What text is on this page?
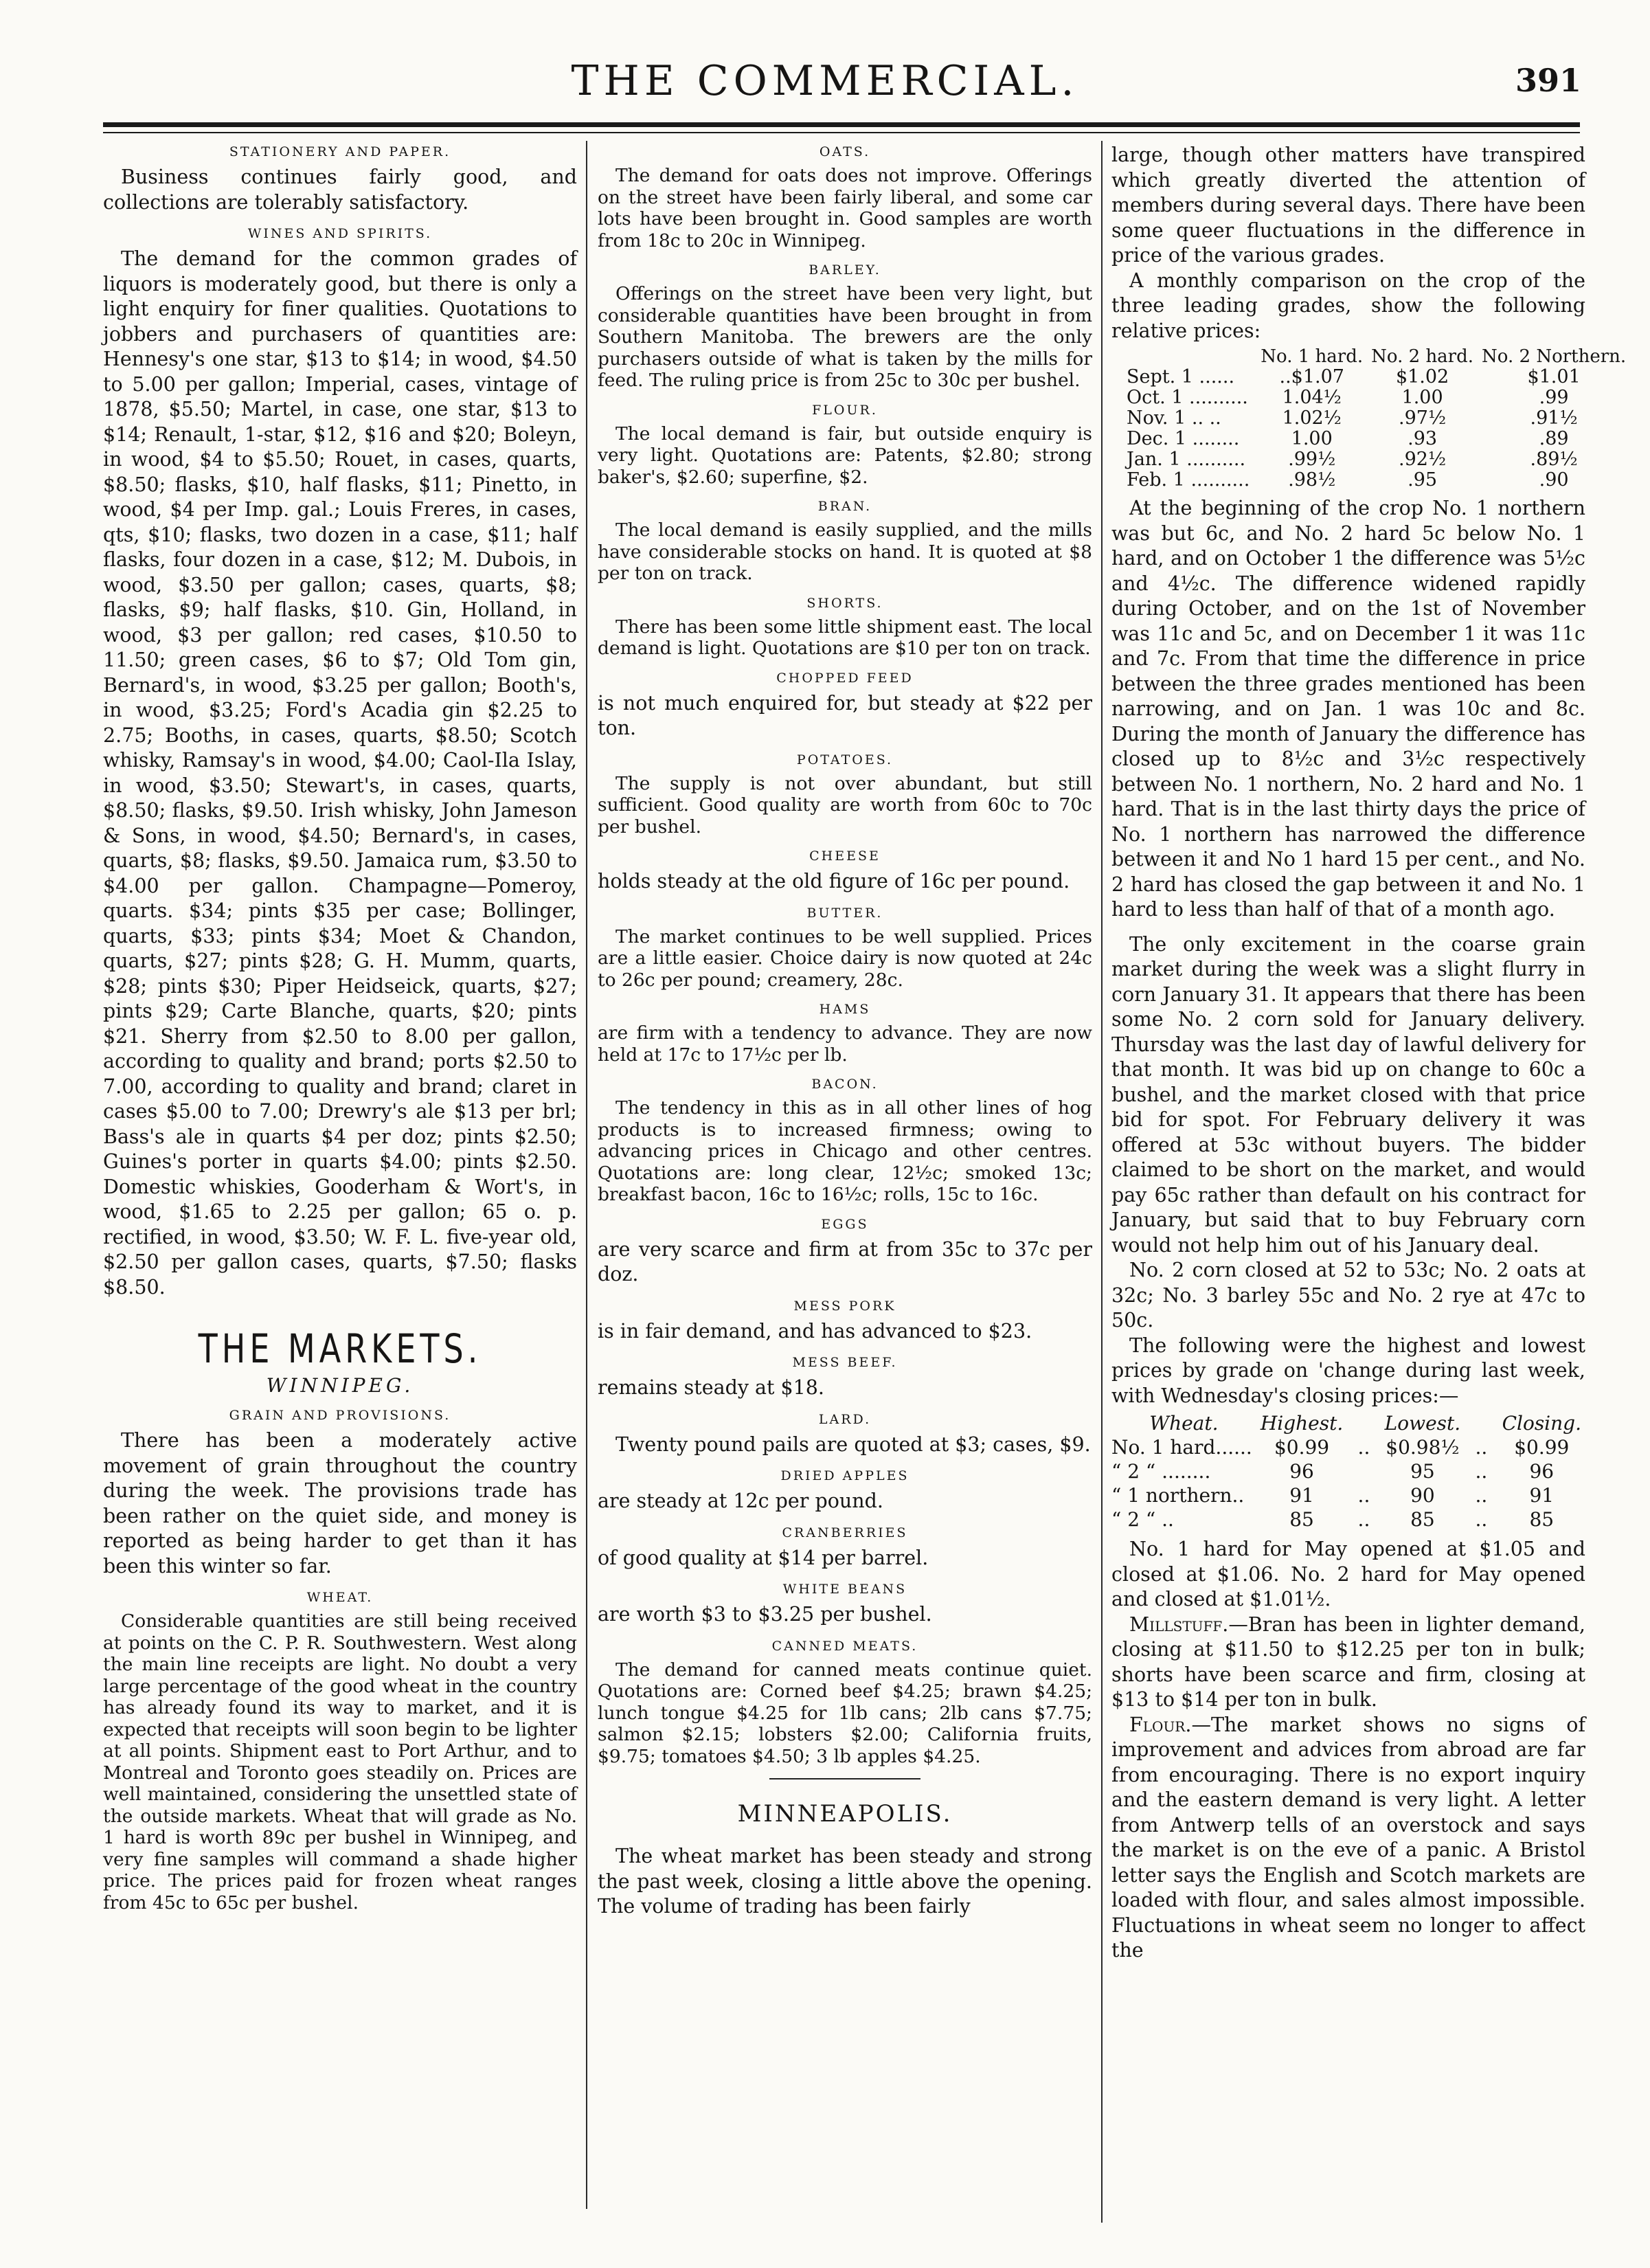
THE COMMERCIAL.	391
STATIONERY AND PAPER.

Business continues fairly good, and collections are tolerably satisfactory.

WINES AND SPIRITS.

The demand for the common grades of liquors is moderately good, but there is only a light enquiry for finer qualities. Quotations to jobbers and purchasers of quantities are: Hennesy's one star, $13 to $14; in wood, $4.50 to 5.00 per gallon; Imperial, cases, vintage of 1878, $5.50; Martel, in case, one star, $13 to $14; Renault, 1-star, $12, $16 and $20; Boleyn, in wood, $4 to $5.50; Rouet, in cases, quarts, $8.50; flasks, $10, half flasks, $11; Pinetto, in wood, $4 per Imp. gal.; Louis Freres, in cases, qts, $10; flasks, two dozen in a case, $11; half flasks, four dozen in a case, $12; M. Dubois, in wood, $3.50 per gallon; cases, quarts, $8; flasks, $9; half flasks, $10. Gin, Holland, in wood, $3 per gallon; red cases, $10.50 to 11.50; green cases, $6 to $7; Old Tom gin, Bernard's, in wood, $3.25 per gallon; Booth's, in wood, $3.25; Ford's Acadia gin $2.25 to 2.75; Booths, in cases, quarts, $8.50; Scotch whisky, Ramsay's in wood, $4.00; Caol-Ila Islay, in wood, $3.50; Stewart's, in cases, quarts, $8.50; flasks, $9.50. Irish whisky, John Jameson & Sons, in wood, $4.50; Bernard's, in cases, quarts, $8; flasks, $9.50. Jamaica rum, $3.50 to $4.00 per gallon. Champagne—Pomeroy, quarts. $34; pints $35 per case; Bollinger, quarts, $33; pints $34; Moet & Chandon, quarts, $27; pints $28; G. H. Mumm, quarts, $28; pints $30; Piper Heidseick, quarts, $27; pints $29; Carte Blanche, quarts, $20; pints $21. Sherry from $2.50 to 8.00 per gallon, according to quality and brand; ports $2.50 to 7.00, according to quality and brand; claret in cases $5.00 to 7.00; Drewry's ale $13 per brl; Bass's ale in quarts $4 per doz; pints $2.50; Guines's porter in quarts $4.00; pints $2.50. Domestic whiskies, Gooderham & Wort's, in wood, $1.65 to 2.25 per gallon; 65 o. p. rectified, in wood, $3.50; W. F. L. five-year old, $2.50 per gallon cases, quarts, $7.50; flasks $8.50.

THE MARKETS.
WINNIPEG.
GRAIN AND PROVISIONS.

There has been a moderately active movement of grain throughout the country during the week. The provisions trade has been rather on the quiet side, and money is reported as being harder to get than it has been this winter so far.

WHEAT.

Considerable quantities are still being received at points on the C. P. R. Southwestern. West along the main line receipts are light. No doubt a very large percentage of the good wheat in the country has already found its way to market, and it is expected that receipts will soon begin to be lighter at all points. Shipment east to Port Arthur, and to Montreal and Toronto goes steadily on. Prices are well maintained, considering the unsettled state of the outside markets. Wheat that will grade as No. 1 hard is worth 89c per bushel in Winnipeg, and very fine samples will command a shade higher price. The prices paid for frozen wheat ranges from 45c to 65c per bushel.

OATS.

The demand for oats does not improve. Offerings on the street have been fairly liberal, and some car lots have been brought in. Good samples are worth from 18c to 20c in Winnipeg.

BARLEY.

Offerings on the street have been very light, but considerable quantities have been brought in from Southern Manitoba. The brewers are the only purchasers outside of what is taken by the mills for feed. The ruling price is from 25c to 30c per bushel.

FLOUR.

The local demand is fair, but outside enquiry is very light. Quotations are: Patents, $2.80; strong baker's, $2.60; superfine, $2.

BRAN.

The local demand is easily supplied, and the mills have considerable stocks on hand. It is quoted at $8 per ton on track.

SHORTS.

There has been some little shipment east. The local demand is light. Quotations are $10 per ton on track.

CHOPPED FEED

is not much enquired for, but steady at $22 per ton.

POTATOES.

The supply is not over abundant, but still sufficient. Good quality are worth from 60c to 70c per bushel.

CHEESE

holds steady at the old figure of 16c per pound.

BUTTER.

The market continues to be well supplied. Prices are a little easier. Choice dairy is now quoted at 24c to 26c per pound; creamery, 28c.

HAMS

are firm with a tendency to advance. They are now held at 17c to 17½c per lb.

BACON.

The tendency in this as in all other lines of hog products is to increased firmness; owing to advancing prices in Chicago and other centres. Quotations are: long clear, 12½c; smoked 13c; breakfast bacon, 16c to 16½c; rolls, 15c to 16c.

EGGS

are very scarce and firm at from 35c to 37c per doz.

MESS PORK

is in fair demand, and has advanced to $23.

MESS BEEF.

remains steady at $18.

LARD.

Twenty pound pails are quoted at $3; cases, $9.

DRIED APPLES

are steady at 12c per pound.

CRANBERRIES

of good quality at $14 per barrel.

WHITE BEANS

are worth $3 to $3.25 per bushel.

CANNED MEATS.

The demand for canned meats continue quiet. Quotations are: Corned beef $4.25; brawn $4.25; lunch tongue $4.25 for 1lb cans; 2lb cans $7.75; salmon $2.15; lobsters $2.00; California fruits, $9.75; tomatoes $4.50; 3 lb apples $4.25.

MINNEAPOLIS.

The wheat market has been steady and strong the past week, closing a little above the opening. The volume of trading has been fairly

large, though other matters have transpired which greatly diverted the attention of members during several days. There have been some queer fluctuations in the difference in price of the various grades.

A monthly comparison on the crop of the three leading grades, show the following relative prices:

	No. 1 hard.	No. 2 hard.	No. 2 Northern.
Sept. 1 ......	..$1.07	$1.02	$1.01
Oct. 1 ..........	1.04½	1.00	.99
Nov. 1 .. ..	1.02½	.97½	.91½
Dec. 1 ........	1.00	.93	.89
Jan. 1 ..........	.99½	.92½	.89½
Feb. 1 ..........	.98½	.95	.90

At the beginning of the crop No. 1 northern was but 6c, and No. 2 hard 5c below No. 1 hard, and on October 1 the difference was 5½c and 4½c. The difference widened rapidly during October, and on the 1st of November was 11c and 5c, and on December 1 it was 11c and 7c. From that time the difference in price between the three grades mentioned has been narrowing, and on Jan. 1 was 10c and 8c. During the month of January the difference has closed up to 8½c and 3½c respectively between No. 1 northern, No. 2 hard and No. 1 hard. That is in the last thirty days the price of No. 1 northern has narrowed the difference between it and No 1 hard 15 per cent., and No. 2 hard has closed the gap between it and No. 1 hard to less than half of that of a month ago.

The only excitement in the coarse grain market during the week was a slight flurry in corn January 31. It appears that there has been some No. 2 corn sold for January delivery. Thursday was the last day of lawful delivery for that month. It was bid up on change to 60c a bushel, and the market closed with that price bid for spot. For February delivery it was offered at 53c without buyers. The bidder claimed to be short on the market, and would pay 65c rather than default on his contract for January, but said that to buy February corn would not help him out of his January deal.

No. 2 corn closed at 52 to 53c; No. 2 oats at 32c; No. 3 barley 55c and No. 2 rye at 47c to 50c.

The following were the highest and lowest prices by grade on 'change during last week, with Wednesday's closing prices:—

Wheat.	Highest.		Lowest.		Closing.
No. 1 hard......	$0.99	..	$0.98½	..	$0.99
“ 2 “ ........	96		95	..	96
“ 1 northern..	91	..	90	..	91
“ 2 “ ..	85	..	85	..	85

No. 1 hard for May opened at $1.05 and closed at $1.06. No. 2 hard for May opened and closed at $1.01½.

Millstuff.—Bran has been in lighter demand, closing at $11.50 to $12.25 per ton in bulk; shorts have been scarce and firm, closing at $13 to $14 per ton in bulk.

Flour.—The market shows no signs of improvement and advices from abroad are far from encouraging. There is no export inquiry and the eastern demand is very light. A letter from Antwerp tells of an overstock and says the market is on the eve of a panic. A Bristol letter says the English and Scotch markets are loaded with flour, and sales almost impossible. Fluctuations in wheat seem no longer to affect the
